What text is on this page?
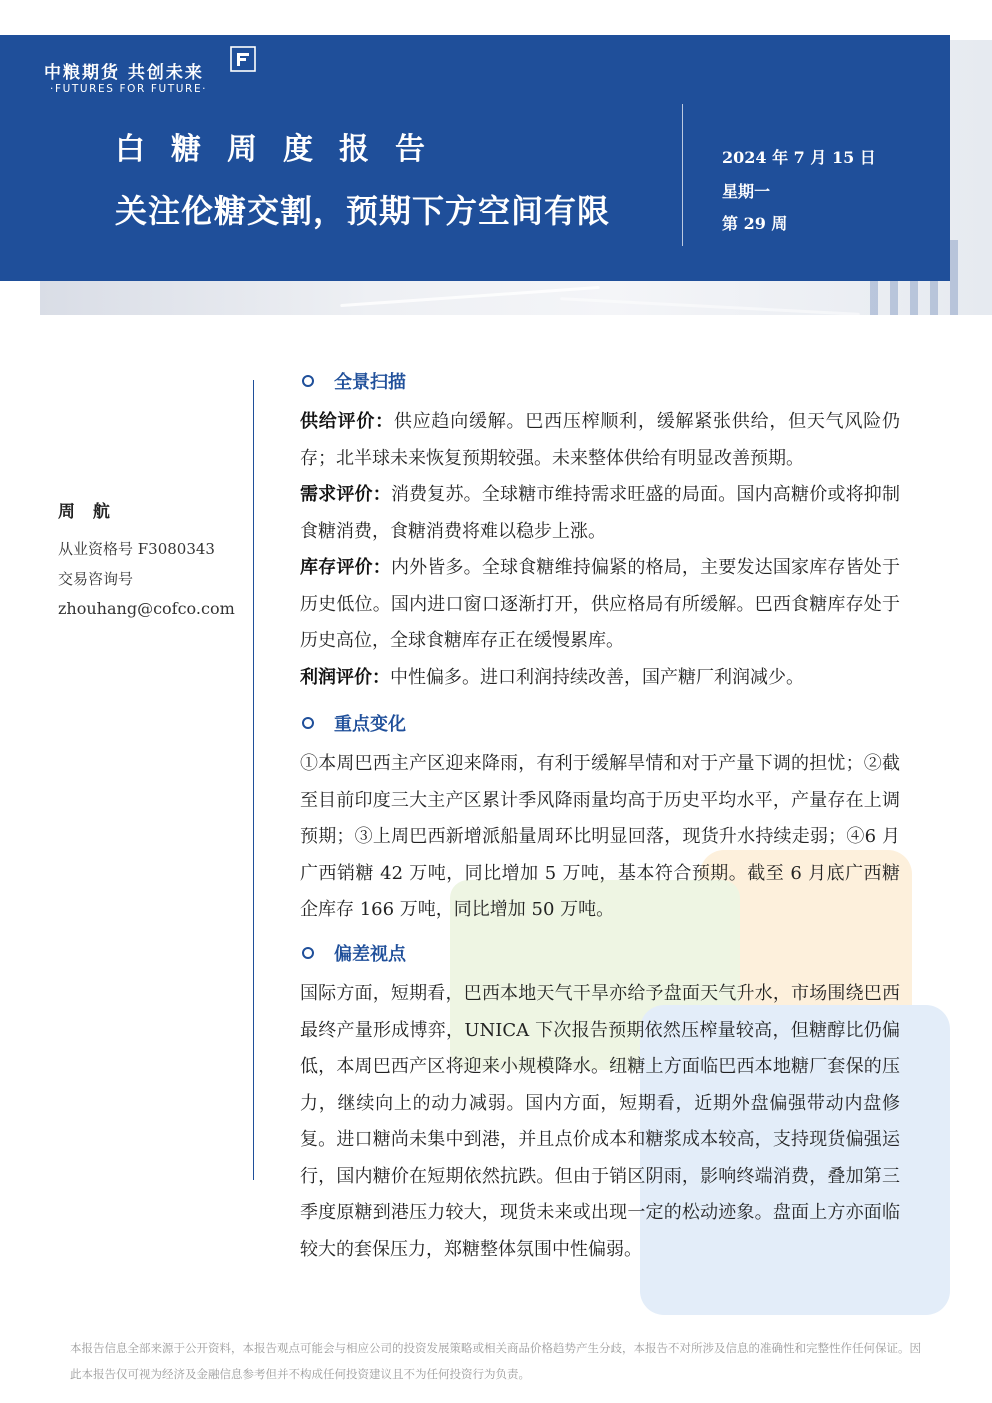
中粮期货 共创未来
·FUTURES FOR FUTURE·
白糖周度报告
关注伦糖交割，预期下方空间有限
2024 年 7 月 15 日
星期一
第 29 周
周 航
从业资格号 F3080343
交易咨询号
zhouhang@cofco.com
全景扫描
供给评价：供应趋向缓解。巴西压榨顺利，缓解紧张供给，但天气风险仍存；北半球未来恢复预期较强。未来整体供给有明显改善预期。
需求评价：消费复苏。全球糖市维持需求旺盛的局面。国内高糖价或将抑制食糖消费，食糖消费将难以稳步上涨。
库存评价：内外皆多。全球食糖维持偏紧的格局，主要发达国家库存皆处于历史低位。国内进口窗口逐渐打开，供应格局有所缓解。巴西食糖库存处于历史高位，全球食糖库存正在缓慢累库。
利润评价：中性偏多。进口利润持续改善，国产糖厂利润减少。
重点变化
①本周巴西主产区迎来降雨，有利于缓解旱情和对于产量下调的担忧；②截至目前印度三大主产区累计季风降雨量均高于历史平均水平，产量存在上调预期；③上周巴西新增派船量周环比明显回落，现货升水持续走弱；④6 月广西销糖 42 万吨，同比增加 5 万吨，基本符合预期。截至 6 月底广西糖企库存 166 万吨，同比增加 50 万吨。
偏差视点
国际方面，短期看，巴西本地天气干旱亦给予盘面天气升水，市场围绕巴西最终产量形成博弈，UNICA 下次报告预期依然压榨量较高，但糖醇比仍偏低，本周巴西产区将迎来小规模降水。纽糖上方面临巴西本地糖厂套保的压力，继续向上的动力减弱。国内方面，短期看，近期外盘偏强带动内盘修复。进口糖尚未集中到港，并且点价成本和糖浆成本较高，支持现货偏强运行，国内糖价在短期依然抗跌。但由于销区阴雨，影响终端消费，叠加第三季度原糖到港压力较大，现货未来或出现一定的松动迹象。盘面上方亦面临较大的套保压力，郑糖整体氛围中性偏弱。
本报告信息全部来源于公开资料，本报告观点可能会与相应公司的投资发展策略或相关商品价格趋势产生分歧，本报告不对所涉及信息的准确性和完整性作任何保证。因此本报告仅可视为经济及金融信息参考但并不构成任何投资建议且不为任何投资行为负责。
